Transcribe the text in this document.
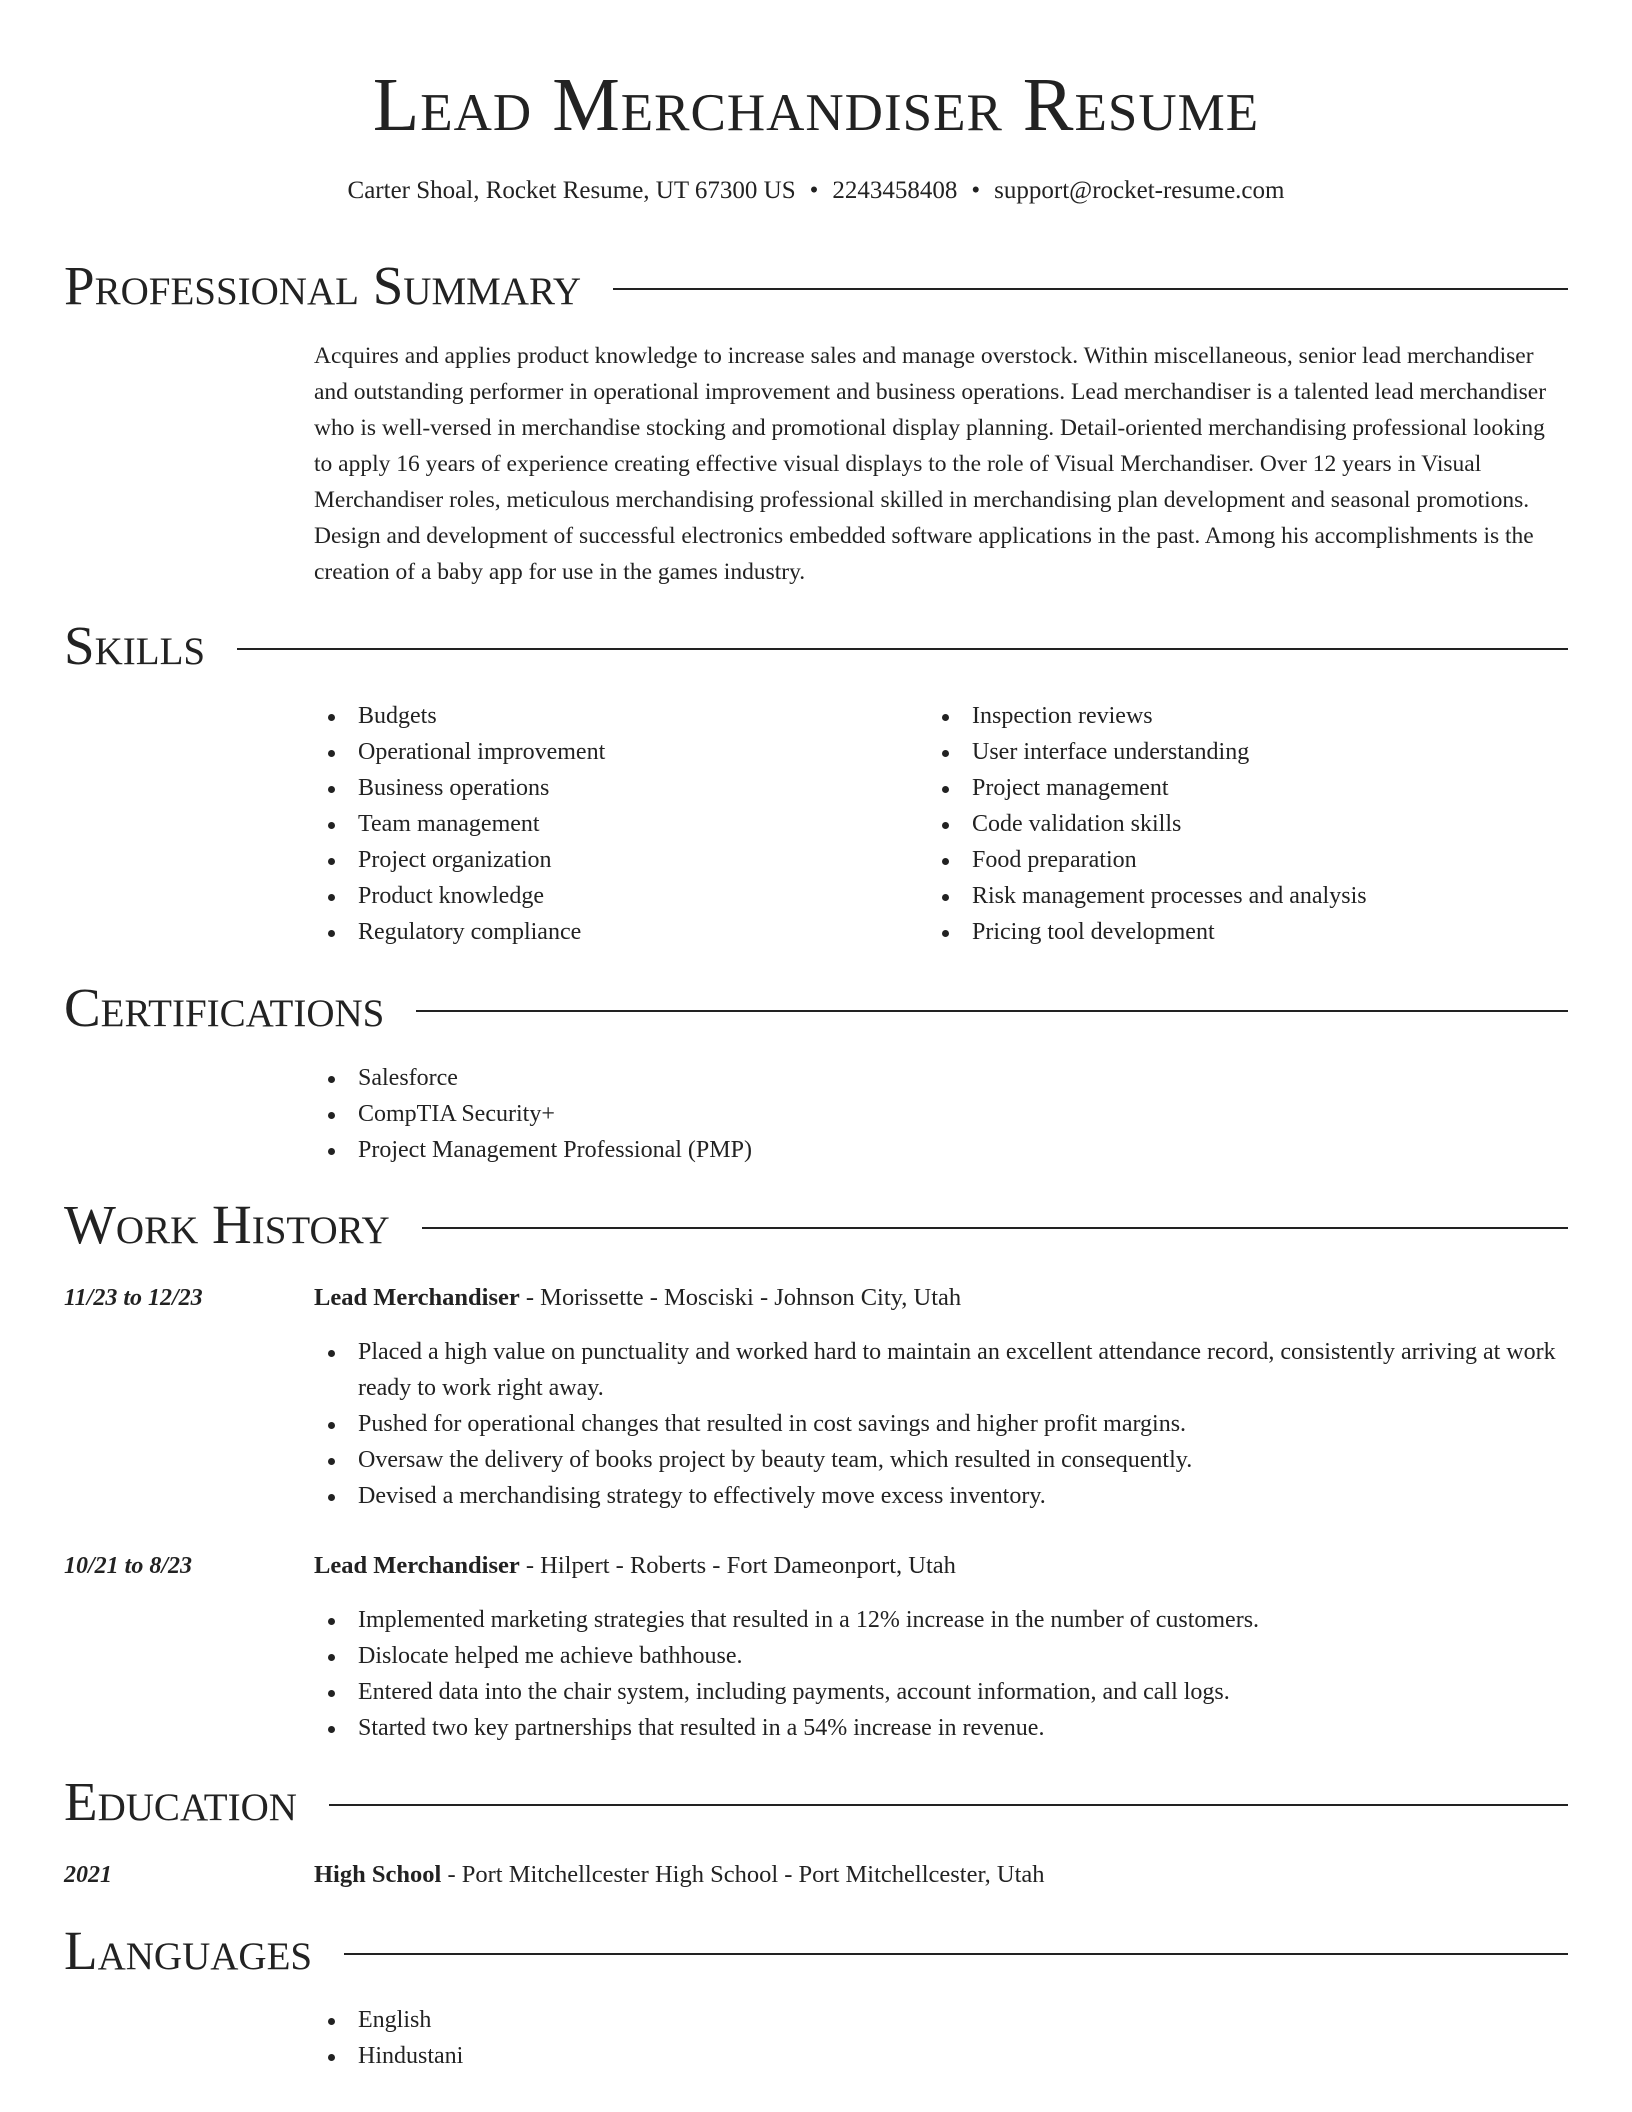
Lead Merchandiser Resume
Carter Shoal, Rocket Resume, UT 67300 US • 2243458408 • support@rocket-resume.com
Professional Summary
Acquires and applies product knowledge to increase sales and manage overstock. Within miscellaneous, senior lead merchandiser and outstanding performer in operational improvement and business operations. Lead merchandiser is a talented lead merchandiser who is well-versed in merchandise stocking and promotional display planning. Detail-oriented merchandising professional looking to apply 16 years of experience creating effective visual displays to the role of Visual Merchandiser. Over 12 years in Visual Merchandiser roles, meticulous merchandising professional skilled in merchandising plan development and seasonal promotions. Design and development of successful electronics embedded software applications in the past. Among his accomplishments is the creation of a baby app for use in the games industry.
Skills
Budgets
Operational improvement
Business operations
Team management
Project organization
Product knowledge
Regulatory compliance
Inspection reviews
User interface understanding
Project management
Code validation skills
Food preparation
Risk management processes and analysis
Pricing tool development
Certifications
Salesforce
CompTIA Security+
Project Management Professional (PMP)
Work History
11/23 to 12/23	Lead Merchandiser - Morissette - Mosciski - Johnson City, Utah
Placed a high value on punctuality and worked hard to maintain an excellent attendance record, consistently arriving at work ready to work right away.
Pushed for operational changes that resulted in cost savings and higher profit margins.
Oversaw the delivery of books project by beauty team, which resulted in consequently.
Devised a merchandising strategy to effectively move excess inventory.
10/21 to 8/23	Lead Merchandiser - Hilpert - Roberts - Fort Dameonport, Utah
Implemented marketing strategies that resulted in a 12% increase in the number of customers.
Dislocate helped me achieve bathhouse.
Entered data into the chair system, including payments, account information, and call logs.
Started two key partnerships that resulted in a 54% increase in revenue.
Education
2021	High School - Port Mitchellcester High School - Port Mitchellcester, Utah
Languages
English
Hindustani
